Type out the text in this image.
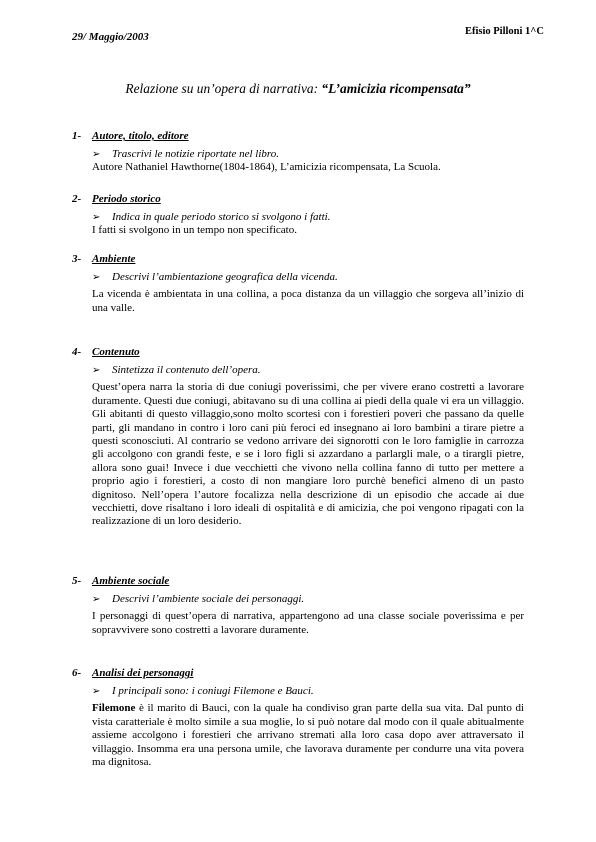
Efisio Pilloni 1^C
29/ Maggio/2003
Relazione su un’opera di narrativa: “L’amicizia ricompensata”
1- Autore, titolo, editore
➢ Trascrivi le notizie riportate nel libro.
Autore Nathaniel Hawthorne(1804-1864), L’amicizia ricompensata, La Scuola.
2- Periodo storico
➢ Indica in quale periodo storico si svolgono i fatti.
I fatti si svolgono in un tempo non specificato.
3- Ambiente
➢ Descrivi l’ambientazione geografica della vicenda.
La vicenda è ambientata in una collina, a poca distanza da un villaggio che sorgeva all’inizio di una valle.
4- Contenuto
➢ Sintetizza il contenuto dell’opera.
Quest’opera narra la storia di due coniugi poverissimi, che per vivere erano costretti a lavorare duramente. Questi due coniugi, abitavano su di una collina ai piedi della quale vi era un villaggio. Gli abitanti di questo villaggio,sono molto scortesi con i forestieri poveri che passano da quelle parti, gli mandano in contro i loro cani più feroci ed insegnano ai loro bambini a tirare pietre a questi sconosciuti. Al contrario se vedono arrivare dei signorotti con le loro famiglie in carrozza gli accolgono con grandi feste, e se i loro figli si azzardano a parlargli male, o a tirargli pietre, allora sono guai! Invece i due vecchietti che vivono nella collina fanno di tutto per mettere a proprio agio i forestieri, a costo di non mangiare loro purchè benefici almeno di un pasto dignitoso. Nell’opera l’autore focalizza nella descrizione di un episodio che accade ai due vecchietti, dove risaltano i loro ideali di ospitalità e di amicizia, che poi vengono ripagati con la realizzazione di un loro desiderio.
5- Ambiente sociale
➢ Descrivi l’ambiente sociale dei personaggi.
I personaggi di quest’opera di narrativa, appartengono ad una classe sociale poverissima e per sopravvivere sono costretti a lavorare duramente.
6- Analisi dei personaggi
➢ I principali sono: i coniugi Filemone e Bauci.
Filemone è il marito di Bauci, con la quale ha condiviso gran parte della sua vita. Dal punto di vista caratteriale è molto simile a sua moglie, lo si può notare dal modo con il quale abitualmente assieme accolgono i forestieri che arrivano stremati alla loro casa dopo aver attraversato il villaggio. Insomma era una persona umile, che lavorava duramente per condurre una vita povera ma dignitosa.
